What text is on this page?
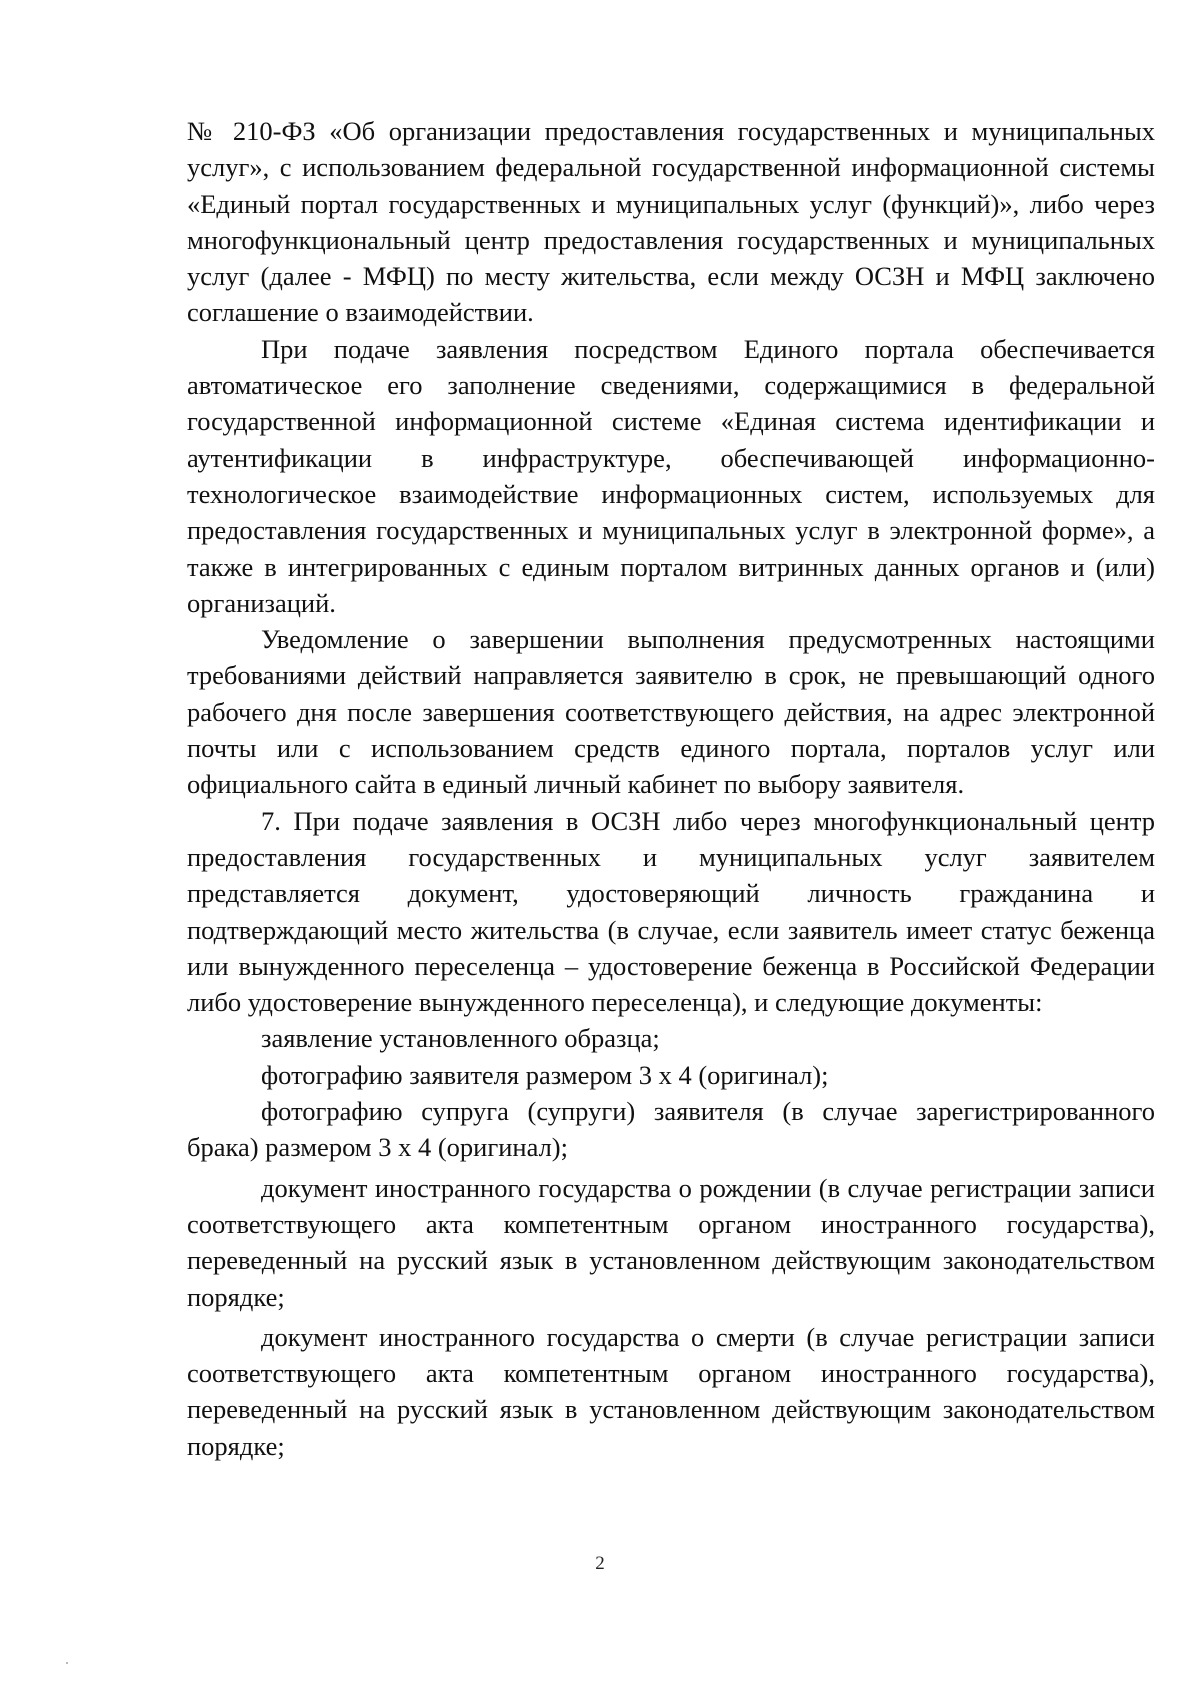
№ 210-ФЗ «Об организации предоставления государственных и муниципальных услуг», с использованием федеральной государственной информационной системы «Единый портал государственных и муниципальных услуг (функций)», либо через многофункциональный центр предоставления государственных и муниципальных услуг (далее - МФЦ) по месту жительства, если между ОСЗН и МФЦ заключено соглашение о взаимодействии.

При подаче заявления посредством Единого портала обеспечивается автоматическое его заполнение сведениями, содержащимися в федеральной государственной информационной системе «Единая система идентификации и аутентификации в инфраструктуре, обеспечивающей информационно-технологическое взаимодействие информационных систем, используемых для предоставления государственных и муниципальных услуг в электронной форме», а также в интегрированных с единым порталом витринных данных органов и (или) организаций.

Уведомление о завершении выполнения предусмотренных настоящими требованиями действий направляется заявителю в срок, не превышающий одного рабочего дня после завершения соответствующего действия, на адрес электронной почты или с использованием средств единого портала, порталов услуг или официального сайта в единый личный кабинет по выбору заявителя.

7. При подаче заявления в ОСЗН либо через многофункциональный центр предоставления государственных и муниципальных услуг заявителем представляется документ, удостоверяющий личность гражданина и подтверждающий место жительства (в случае, если заявитель имеет статус беженца или вынужденного переселенца – удостоверение беженца в Российской Федерации либо удостоверение вынужденного переселенца), и следующие документы:

заявление установленного образца;

фотографию заявителя размером 3 х 4 (оригинал);

фотографию супруга (супруги) заявителя (в случае зарегистрированного брака) размером 3 х 4 (оригинал);

документ иностранного государства о рождении (в случае регистрации записи соответствующего акта компетентным органом иностранного государства), переведенный на русский язык в установленном действующим законодательством порядке;

документ иностранного государства о смерти (в случае регистрации записи соответствующего акта компетентным органом иностранного государства), переведенный на русский язык в установленном действующим законодательством порядке;

2
